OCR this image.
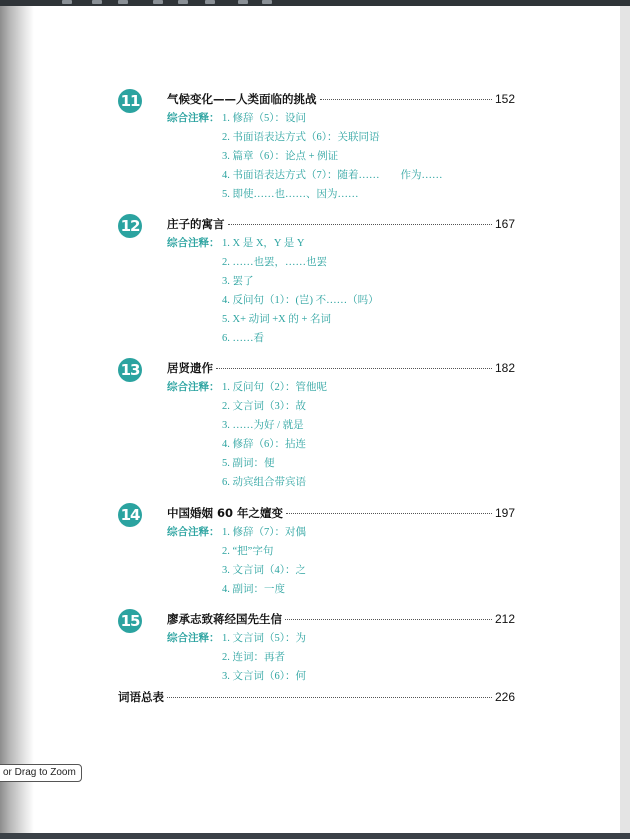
11 气候变化——人类面临的挑战	152
综合注释： 1. 修辞（5）：设问
2. 书面语表达方式（6）：关联同语
3. 篇章（6）：论点 + 例证
4. 书面语表达方式（7）：随着……　　作为……
5. 即使……也……、因为……
12 庄子的寓言	167
综合注释： 1. X 是 X，Y 是 Y
2. ……也罢，……也罢
3. 罢了
4. 反问句（1）：(岂) 不……（吗）
5. X+ 动词 +X 的 + 名词
6. ……看
13 居贤遗作	182
综合注释： 1. 反问句（2）：管他呢
2. 文言词（3）：故
3. ……为好 / 就是
4. 修辞（6）：拈连
5. 副词：便
6. 动宾组合带宾语
14 中国婚姻 60 年之嬗变	197
综合注释： 1. 修辞（7）：对偶
2. “把”字句
3. 文言词（4）：之
4. 副词：一度
15 廖承志致蒋经国先生信	212
综合注释： 1. 文言词（5）：为
2. 连词：再者
3. 文言词（6）：何
词语总表	226
or Drag to Zoom
